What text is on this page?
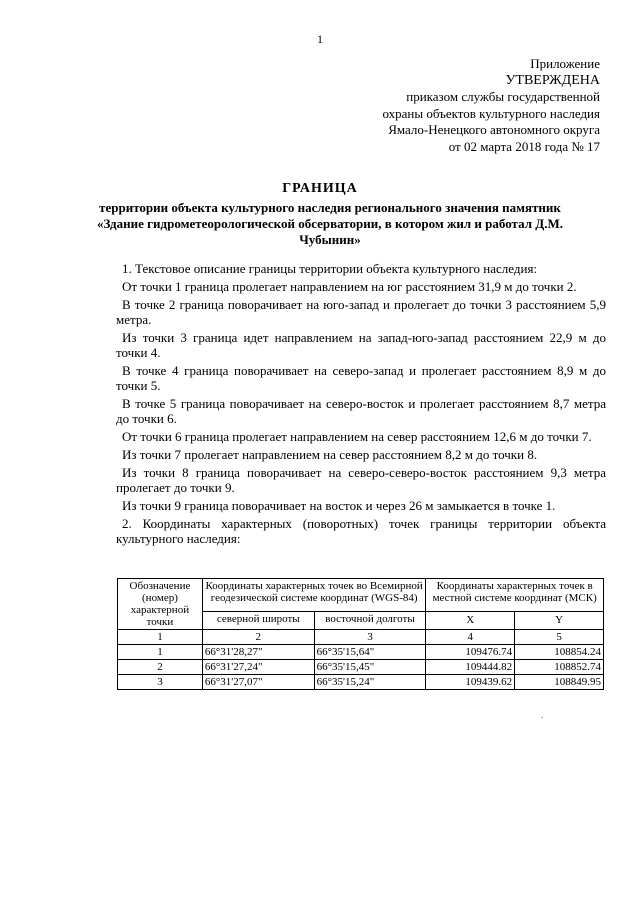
1
Приложение
УТВЕРЖДЕНА
приказом службы государственной
охраны объектов культурного наследия
Ямало-Ненецкого автономного округа
от 02 марта 2018 года № 17
ГРАНИЦА
территории объекта культурного наследия регионального значения памятник «Здание гидрометеорологической обсерватории, в котором жил и работал Д.М. Чубынин»

1. Текстовое описание границы территории объекта культурного наследия:

От точки 1 граница пролегает направлением на юг расстоянием 31,9 м до точки 2.

В точке 2 граница поворачивает на юго-запад и пролегает до точки 3 расстоянием 5,9 метра.

Из точки 3 граница идет направлением на запад-юго-запад расстоянием 22,9 м до точки 4.

В точке 4 граница поворачивает на северо-запад и пролегает расстоянием 8,9 м до точки 5.

В точке 5 граница поворачивает на северо-восток и пролегает расстоянием 8,7 метра до точки 6.

От точки 6 граница пролегает направлением на север расстоянием 12,6 м до точки 7.

Из точки 7 пролегает направлением на север расстоянием 8,2 м до точки 8.

Из точки 8 граница поворачивает на северо-северо-восток расстоянием 9,3 метра пролегает до точки 9.

Из точки 9 граница поворачивает на восток и через 26 м замыкается в точке 1.

2. Координаты характерных (поворотных) точек границы территории объекта культурного наследия:

Обозначение (номер) характерной точки	Координаты характерных точек во Всемирной геодезической системе координат (WGS-84)		Координаты характерных точек в местной системе координат (МСК)	
	северной широты	восточной долготы	X	Y
1	2	3	4	5
1	66°31'28,27"	66°35'15,64"	109476.74	108854.24
2	66°31'27,24"	66°35'15,45"	109444.82	108852.74
3	66°31'27,07"	66°35'15,24"	109439.62	108849.95
.
